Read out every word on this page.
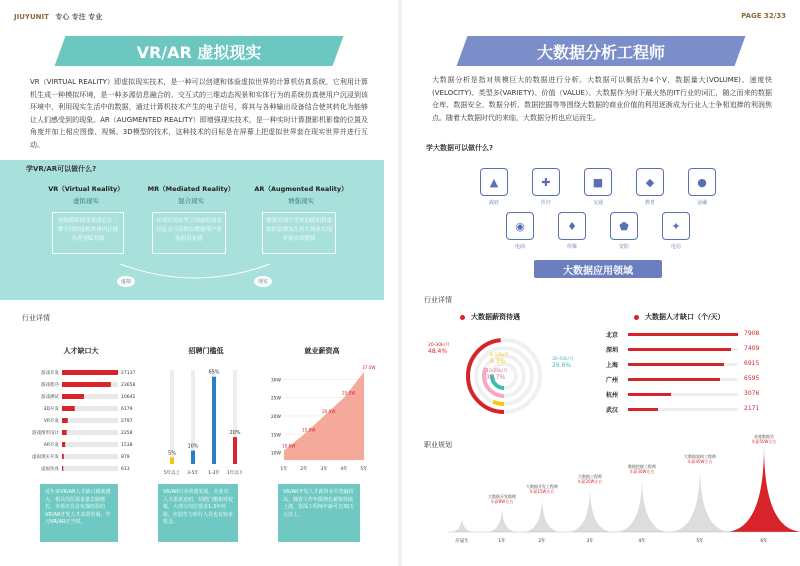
JIUYUNIT 专心 专注 专业
VR/AR 虚拟现实
VR（VIRTUAL REALITY）即虚拟现实技术，是一种可以创建和体验虚拟世界的计算机仿真系统，它利用计算机生成一种模拟环境，是一种多源信息融合的、交互式的三维动态视景和实体行为的系统仿真使用户沉浸到该环境中，利用现实生活中的数据，通过计算机技术产生的电子信号，将其与各种输出设备结合使其转化为能够让人们感受到的现象。AR（AUGMENTED REALITY）即增强现实技术，是一种实时计算摄影机影像的位置及角度并加上相应图像、视频、3D模型的技术，这种技术的目标是在屏幕上把虚拟世界套在现实世界并进行互动。
学VR/AR可以做什么?
VR（Virtual Reality）
虚拟现实
MR（Mediated Reality）
混合现实
AR（Augmented Reality）
增强现实
电脑模拟使用者感官在三维空间的虚拟世界内让使用者身临其境
在现实场景里呈现虚拟场景信息交互反馈以增强用户体验的真实感
增强对现实世界的感知将虚拟信息叠加在真实场景实现对现实的增强
虚拟	现实
行业详情
人才缺口大
游戏开发	27137
游戏程序	23658
游戏测试	10641
3D开发	6179
VR开发	2797
游戏图形设计	2258
AR开发	1538
虚拟现实开发	879
虚拟仿真	613
近年来VR/AR人才缺口越来越大，相关岗位需求量急剧增长，市场对具有实战经验的VR/AR开发人才求贤若渴，学习VR/AR正当时。
招聘门槛低
5%
5年以上
10%
3-5年
65%
1-3年
20%
1年以下
VR/AR行业快速发展，企业对人才需求迫切，招聘门槛相对较低，大部分岗位要求1-3年经验，应届生与转行人员也有较多机会。
就业薪资高
10W
15W
20W
25W
30W
10.6W
15.0W
20.0W
25.0W
37.0W
1年	2年	3年	4年	5年
VR/AR开发人才薪资水平普遍较高，随着工作年限增长薪资持续上涨，资深工程师年薪可达30万元以上。
PAGE 32/33
大数据分析工程师
大数据分析是指对规模巨大的数据进行分析。大数据可以概括为4个V，数据量大(VOLUME)、速度快(VELOCITY)、类型多(VARIETY)、价值（VALUE）。大数据作为时下最火热的IT行业的词汇，随之而来的数据仓库、数据安全、数据分析、数据挖掘等等围绕大数据的商业价值的利用逐渐成为行业人士争相追捧的利润焦点。随着大数据时代的来临，大数据分析也应运而生。
学大数据可以做什么?
▲
政府
✚
医疗
■
交通
◆
教育
●
金融
◉
电商
♦
传媒
⬟
安防
✦
电信
大数据应用领域
行业详情
大数据薪资待遇
20-30k/月
48.4%
8-10k/月
6.3%
10-20k/月
31.7%
30-50k/月
26.6%
大数据人才缺口（个/天）
北京	7908
深圳	7409
上海	6915
广州	6595
杭州	3076
武汉	2171
职业规划
应届生	1年
大数据开发助理
年薪8W左右
2年
大数据开发工程师
年薪15W左右
3年
大数据工程师
年薪20W左右
4年
数据挖掘工程师
年薪30W左右
5年
大数据架构工程师
年薪40W左右
6年
首席数据官
年薪50W左右
